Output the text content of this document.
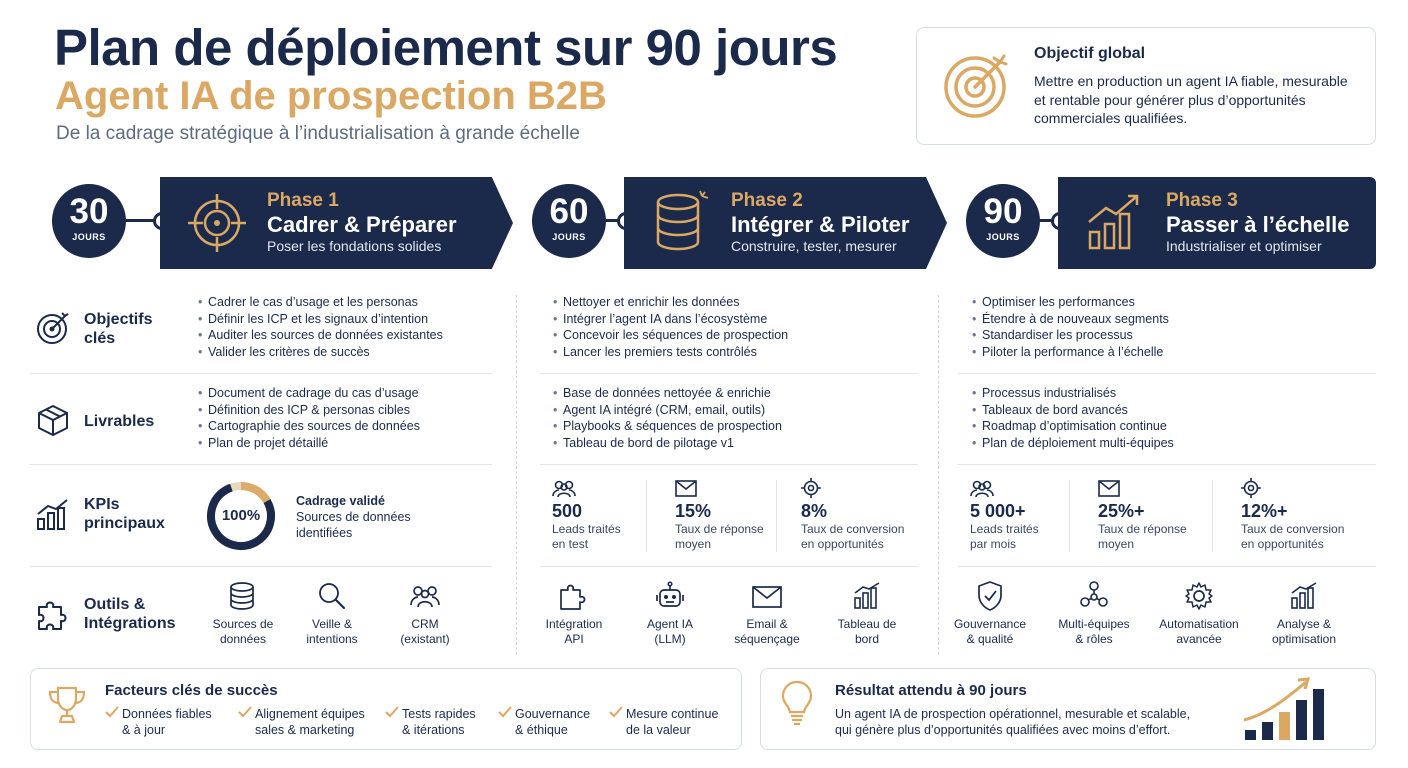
Plan de déploiement sur 90 jours
Agent IA de prospection B2B
De la cadrage stratégique à l’industrialisation à grande échelle
Objectif global
Mettre en production un agent IA fiable, mesurable et rentable pour générer plus d’opportunités commerciales qualifiées.
30
JOURS
Phase 1
Cadrer & Préparer
Poser les fondations solides
60
JOURS
Phase 2
Intégrer & Piloter
Construire, tester, mesurer
90
JOURS
Phase 3
Passer à l’échelle
Industrialiser et optimiser
Objectifs
clés
• Cadrer le cas d’usage et les personas
• Définir les ICP et les signaux d’intention
• Auditer les sources de données existantes
• Valider les critères de succès
• Nettoyer et enrichir les données
• Intégrer l’agent IA dans l’écosystème
• Concevoir les séquences de prospection
• Lancer les premiers tests contrôlés
• Optimiser les performances
• Étendre à de nouveaux segments
• Standardiser les processus
• Piloter la performance à l’échelle
Livrables
• Document de cadrage du cas d’usage
• Définition des ICP & personas cibles
• Cartographie des sources de données
• Plan de projet détaillé
• Base de données nettoyée & enrichie
• Agent IA intégré (CRM, email, outils)
• Playbooks & séquences de prospection
• Tableau de bord de pilotage v1
• Processus industrialisés
• Tableaux de bord avancés
• Roadmap d’optimisation continue
• Plan de déploiement multi-équipes
KPIs
principaux	100%
Cadrage validé
Sources de données
identifiées
500
Leads traités
en test
15%
Taux de réponse
moyen
8%
Taux de conversion
en opportunités
5 000+
Leads traités
par mois
25%+
Taux de réponse
moyen
12%+
Taux de conversion
en opportunités
Outils &
Intégrations	Sources de
données
Veille &
intentions
CRM
(existant)
Intégration
API
Agent IA
(LLM)
Email &
séquençage
Tableau de
bord
Gouvernance
& qualité
Multi-équipes
& rôles
Automatisation
avancée
Analyse &
optimisation
Facteurs clés de succès
Données fiables
& à jour
Alignement équipes
sales & marketing
Tests rapides
& itérations
Gouvernance
& éthique
Mesure continue
de la valeur
Résultat attendu à 90 jours
Un agent IA de prospection opérationnel, mesurable et scalable,
qui génère plus d’opportunités qualifiées avec moins d’effort.
